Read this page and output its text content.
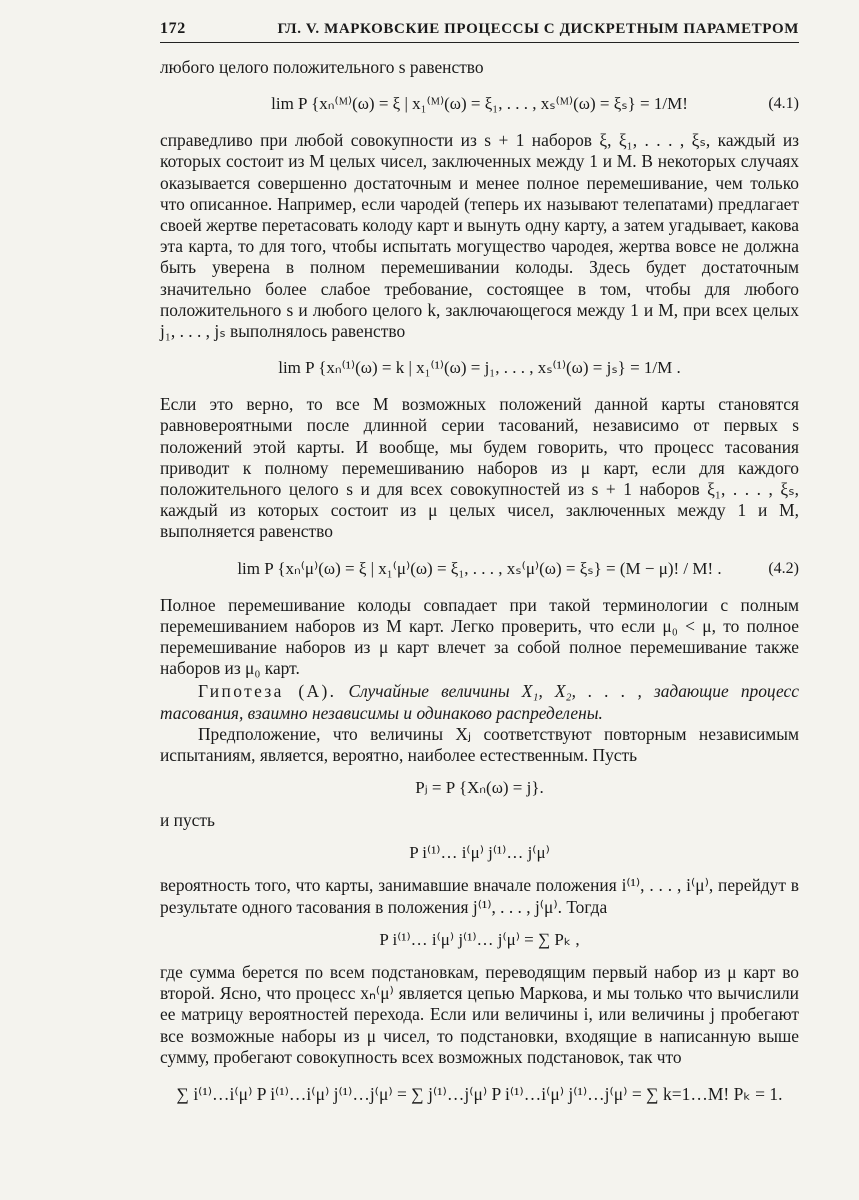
172	ГЛ. V. МАРКОВСКИЕ ПРОЦЕССЫ С ДИСКРЕТНЫМ ПАРАМЕТРОМ

любого целого положительного s равенство

lim P {xₙ⁽ᴹ⁾(ω) = ξ | x₁⁽ᴹ⁾(ω) = ξ₁, . . . , xₛ⁽ᴹ⁾(ω) = ξₛ} = 1/M!	(4.1)

справедливо при любой совокупности из s + 1 наборов ξ, ξ₁, . . . , ξₛ, каждый из которых состоит из M целых чисел, заключенных между 1 и M. В некоторых случаях оказывается совершенно достаточным и менее полное перемешивание, чем только что описанное. Например, если чародей (теперь их называют телепатами) предлагает своей жертве перетасовать колоду карт и вынуть одну карту, а затем угадывает, какова эта карта, то для того, чтобы испытать могущество чародея, жертва вовсе не должна быть уверена в полном перемешивании колоды. Здесь будет достаточным значительно более слабое требование, состоящее в том, чтобы для любого положительного s и любого целого k, заключающегося между 1 и M, при всех целых j₁, . . . , jₛ выполнялось равенство

lim P {xₙ⁽¹⁾(ω) = k | x₁⁽¹⁾(ω) = j₁, . . . , xₛ⁽¹⁾(ω) = jₛ} = 1/M .

Если это верно, то все M возможных положений данной карты становятся равновероятными после длинной серии тасований, независимо от первых s положений этой карты. И вообще, мы будем говорить, что процесс тасования приводит к полному перемешиванию наборов из μ карт, если для каждого положительного целого s и для всех совокупностей из s + 1 наборов ξ₁, . . . , ξₛ, каждый из которых состоит из μ целых чисел, заключенных между 1 и M, выполняется равенство

lim P {xₙ⁽μ⁾(ω) = ξ | x₁⁽μ⁾(ω) = ξ₁, . . . , xₛ⁽μ⁾(ω) = ξₛ} = (M − μ)! / M! .	(4.2)

Полное перемешивание колоды совпадает при такой терминологии с полным перемешиванием наборов из M карт. Легко проверить, что если μ₀ < μ, то полное перемешивание наборов из μ карт влечет за собой полное перемешивание также наборов из μ₀ карт.

Гипотеза (А). Случайные величины X₁, X₂, . . . , задающие процесс тасования, взаимно независимы и одинаково распределены.

Предположение, что величины Xⱼ соответствуют повторным независимым испытаниям, является, вероятно, наиболее естественным. Пусть

Pⱼ = P {Xₙ(ω) = j}.

и пусть

P i⁽¹⁾… i⁽μ⁾ j⁽¹⁾… j⁽μ⁾

вероятность того, что карты, занимавшие вначале положения i⁽¹⁾, . . . , i⁽μ⁾, перейдут в результате одного тасования в положения j⁽¹⁾, . . . , j⁽μ⁾. Тогда

P i⁽¹⁾… i⁽μ⁾ j⁽¹⁾… j⁽μ⁾ = ∑ Pₖ ,

где сумма берется по всем подстановкам, переводящим первый набор из μ карт во второй. Ясно, что процесс xₙ⁽μ⁾ является цепью Маркова, и мы только что вычислили ее матрицу вероятностей перехода. Если или величины i, или величины j пробегают все возможные наборы из μ чисел, то подстановки, входящие в написанную выше сумму, пробегают совокупность всех возможных подстановок, так что

∑ i⁽¹⁾…i⁽μ⁾ P i⁽¹⁾…i⁽μ⁾ j⁽¹⁾…j⁽μ⁾ = ∑ j⁽¹⁾…j⁽μ⁾ P i⁽¹⁾…i⁽μ⁾ j⁽¹⁾…j⁽μ⁾ = ∑ k=1…M! Pₖ = 1.
